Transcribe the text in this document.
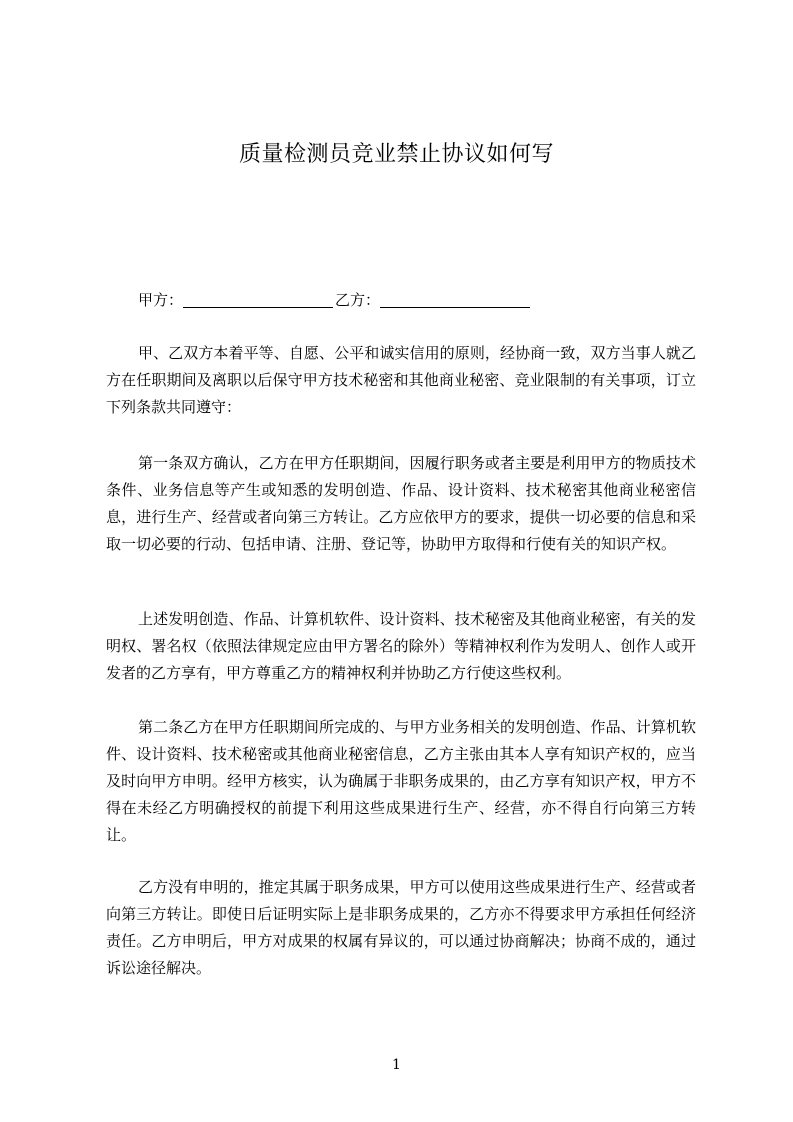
质量检测员竞业禁止协议如何写
甲方：	乙方：

甲、乙双方本着平等、自愿、公平和诚实信用的原则，经协商一致，双方当事人就乙方在任职期间及离职以后保守甲方技术秘密和其他商业秘密、竞业限制的有关事项，订立下列条款共同遵守：

第一条双方确认，乙方在甲方任职期间，因履行职务或者主要是利用甲方的物质技术条件、业务信息等产生或知悉的发明创造、作品、设计资料、技术秘密其他商业秘密信息，进行生产、经营或者向第三方转让。乙方应依甲方的要求，提供一切必要的信息和采取一切必要的行动、包括申请、注册、登记等，协助甲方取得和行使有关的知识产权。

上述发明创造、作品、计算机软件、设计资料、技术秘密及其他商业秘密，有关的发明权、署名权（依照法律规定应由甲方署名的除外）等精神权利作为发明人、创作人或开发者的乙方享有，甲方尊重乙方的精神权利并协助乙方行使这些权利。

第二条乙方在甲方任职期间所完成的、与甲方业务相关的发明创造、作品、计算机软件、设计资料、技术秘密或其他商业秘密信息，乙方主张由其本人享有知识产权的，应当及时向甲方申明。经甲方核实，认为确属于非职务成果的，由乙方享有知识产权，甲方不得在未经乙方明确授权的前提下利用这些成果进行生产、经营，亦不得自行向第三方转让。

乙方没有申明的，推定其属于职务成果，甲方可以使用这些成果进行生产、经营或者向第三方转让。即使日后证明实际上是非职务成果的，乙方亦不得要求甲方承担任何经济责任。乙方申明后，甲方对成果的权属有异议的，可以通过协商解决；协商不成的，通过诉讼途径解决。

1
